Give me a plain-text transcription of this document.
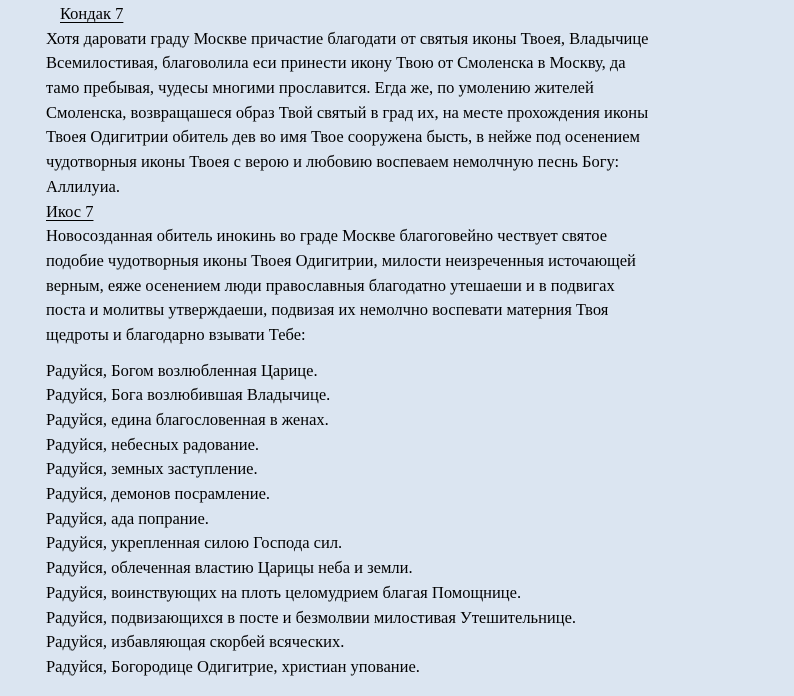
Кондак 7

Хотя даровати граду Москве причастие благодати от святыя иконы Твоея, Владычице

Всемилостивая, благоволила еси принести икону Твою от Смоленска в Москву, да

тамо пребывая, чудесы многими прославится. Егда же, по умолению жителей

Смоленска, возвращашеся образ Твой святый в град их, на месте прохождения иконы

Твоея Одигитрии обитель дев во имя Твое сооружена бысть, в нейже под осенением

чудотворныя иконы Твоея с верою и любовию воспеваем немолчную песнь Богу:

Аллилуиа.

Икос 7

Новосозданная обитель инокинь во граде Москве благоговейно чествует святое

подобие чудотворныя иконы Твоея Одигитрии, милости неизреченныя источающей

верным, еяже осенением люди православныя благодатно утешаеши и в подвигах

поста и молитвы утверждаеши, подвизая их немолчно воспевати матерния Твоя

щедроты и благодарно взывати Тебе:

Радуйся, Богом возлюбленная Царице.

Радуйся, Бога возлюбившая Владычице.

Радуйся, едина благословенная в женах.

Радуйся, небесных радование.

Радуйся, земных заступление.

Радуйся, демонов посрамление.

Радуйся, ада попрание.

Радуйся, укрепленная силою Господа сил.

Радуйся, облеченная властию Царицы неба и земли.

Радуйся, воинствующих на плоть целомудрием благая Помощнице.

Радуйся, подвизающихся в посте и безмолвии милостивая Утешительнице.

Радуйся, избавляющая скорбей всяческих.

Радуйся, Богородице Одигитрие, христиан упование.
